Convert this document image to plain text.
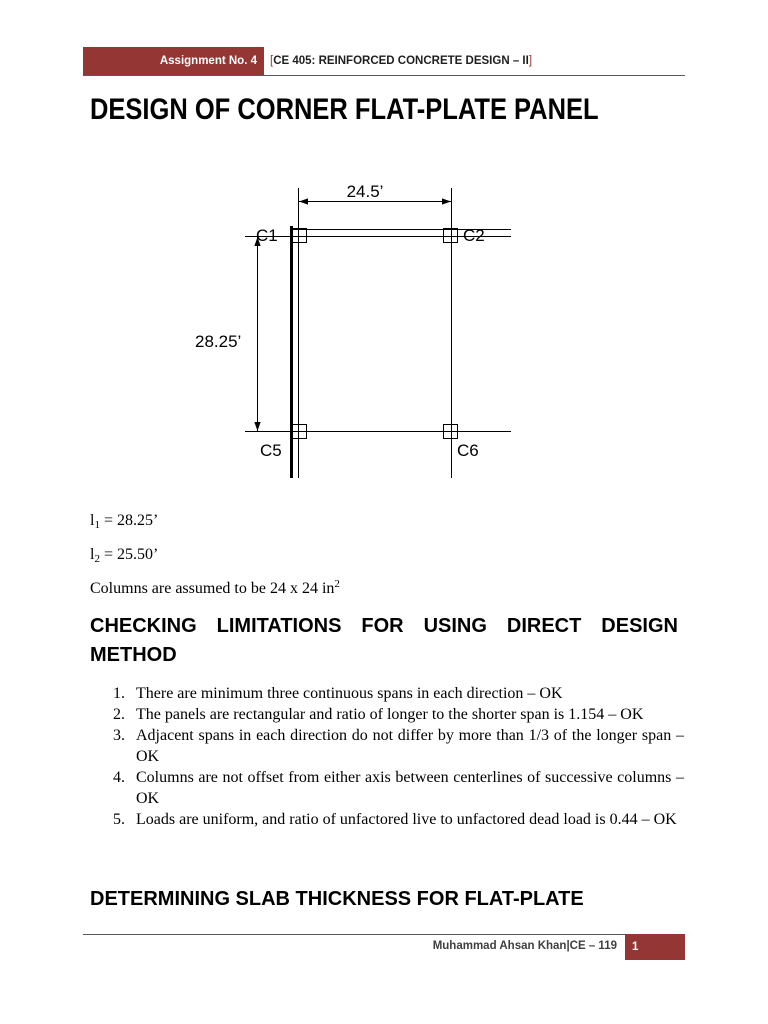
Assignment No. 4 [CE 405: REINFORCED CONCRETE DESIGN – II]
DESIGN OF CORNER FLAT-PLATE PANEL
24.5’
28.25’
C1	C2
C5	C6
$l_1 = 28.25$’
$l_2 = 25.50$’
Columns are assumed to be 24 x 24 $in^2$
CHECKING LIMITATIONS FOR USING DIRECT DESIGN METHOD
1. There are minimum three continuous spans in each direction – OK
2. The panels are rectangular and ratio of longer to the shorter span is 1.154 – OK
3. Adjacent spans in each direction do not differ by more than 1/3 of the longer span – OK
4. Columns are not offset from either axis between centerlines of successive columns – OK
5. Loads are uniform, and ratio of unfactored live to unfactored dead load is 0.44 – OK
DETERMINING SLAB THICKNESS FOR FLAT-PLATE
Muhammad Ahsan Khan|CE – 119 1
